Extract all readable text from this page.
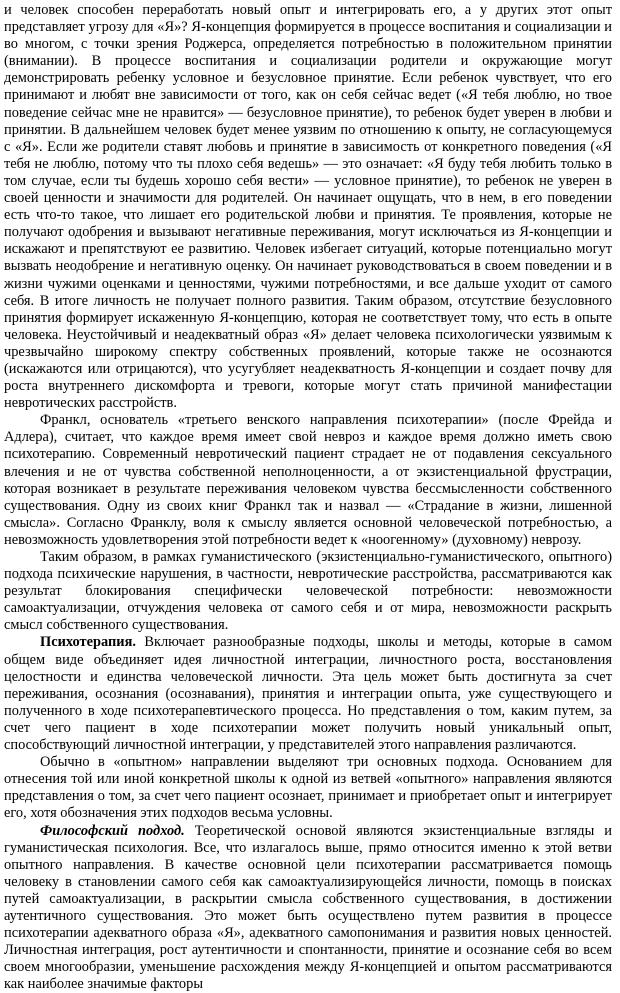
и человек способен переработать новый опыт и интегрировать его, а у других этот опыт представляет угрозу для «Я»? Я-концепция формируется в процессе воспитания и социализации и во многом, с точки зрения Роджерса, определяется потребностью в положительном принятии (внимании). В процессе воспитания и социализации родители и окружающие могут демонстрировать ребенку условное и безусловное принятие. Если ребенок чувствует, что его принимают и любят вне зависимости от того, как он себя сейчас ведет («Я тебя люблю, но твое поведение сейчас мне не нравится» — безусловное принятие), то ребенок будет уверен в любви и принятии. В дальнейшем человек будет менее уязвим по отношению к опыту, не согласующемуся с «Я». Если же родители ставят любовь и принятие в зависимость от конкретного поведения («Я тебя не люблю, потому что ты плохо себя ведешь» — это означает: «Я буду тебя любить только в том случае, если ты будешь хорошо себя вести» — условное принятие), то ребенок не уверен в своей ценности и значимости для родителей. Он начинает ощущать, что в нем, в его поведении есть что-то такое, что лишает его родительской любви и принятия. Те проявления, которые не получают одобрения и вызывают негативные переживания, могут исключаться из Я-концепции и искажают и препятствуют ее развитию. Человек избегает ситуаций, которые потенциально могут вызвать неодобрение и негативную оценку. Он начинает руководствоваться в своем поведении и в жизни чужими оценками и ценностями, чужими потребностями, и все дальше уходит от самого себя. В итоге личность не получает полного развития. Таким образом, отсутствие безусловного принятия формирует искаженную Я-концепцию, которая не соответствует тому, что есть в опыте человека. Неустойчивый и неадекватный образ «Я» делает человека психологически уязвимым к чрезвычайно широкому спектру собственных проявлений, которые также не осознаются (искажаются или отрицаются), что усугубляет неадекватность Я-концепции и создает почву для роста внутреннего дискомфорта и тревоги, которые могут стать причиной манифестации невротических расстройств.

Франкл, основатель «третьего венского направления психотерапии» (после Фрейда и Адлера), считает, что каждое время имеет свой невроз и каждое время должно иметь свою психотерапию. Современный невротический пациент страдает не от подавления сексуального влечения и не от чувства собственной неполноценности, а от экзистенциальной фрустрации, которая возникает в результате переживания человеком чувства бессмысленности собственного существования. Одну из своих книг Франкл так и назвал — «Страдание в жизни, лишенной смысла». Согласно Франклу, воля к смыслу является основной человеческой потребностью, а невозможность удовлетворения этой потребности ведет к «ноогенному» (духовному) неврозу.

Таким образом, в рамках гуманистического (экзистенциально-гуманистического, опытного) подхода психические нарушения, в частности, невротические расстройства, рассматриваются как результат блокирования специфически человеческой потребности: невозможности самоактуализации, отчуждения человека от самого себя и от мира, невозможности раскрыть смысл собственного существования.

Психотерапия. Включает разнообразные подходы, школы и методы, которые в самом общем виде объединяет идея личностной интеграции, личностного роста, восстановления целостности и единства человеческой личности. Эта цель может быть достигнута за счет переживания, осознания (осознавания), принятия и интеграции опыта, уже существующего и полученного в ходе психотерапевтического процесса. Но представления о том, каким путем, за счет чего пациент в ходе психотерапии может получить новый уникальный опыт, способствующий личностной интеграции, у представителей этого направления различаются.

Обычно в «опытном» направлении выделяют три основных подхода. Основанием для отнесения той или иной конкретной школы к одной из ветвей «опытного» направления являются представления о том, за счет чего пациент осознает, принимает и приобретает опыт и интегрирует его, хотя обозначения этих подходов весьма условны.

Философский подход. Теоретической основой являются экзистенциальные взгляды и гуманистическая психология. Все, что излагалось выше, прямо относится именно к этой ветви опытного направления. В качестве основной цели психотерапии рассматривается помощь человеку в становлении самого себя как самоактуализирующейся личности, помощь в поисках путей самоактуализации, в раскрытии смысла собственного существования, в достижении аутентичного существования. Это может быть осуществлено путем развития в процессе психотерапии адекватного образа «Я», адекватного самопонимания и развития новых ценностей. Личностная интеграция, рост аутентичности и спонтанности, принятие и осознание себя во всем своем многообразии, уменьшение расхождения между Я-концепцией и опытом рассматриваются как наиболее значимые факторы
